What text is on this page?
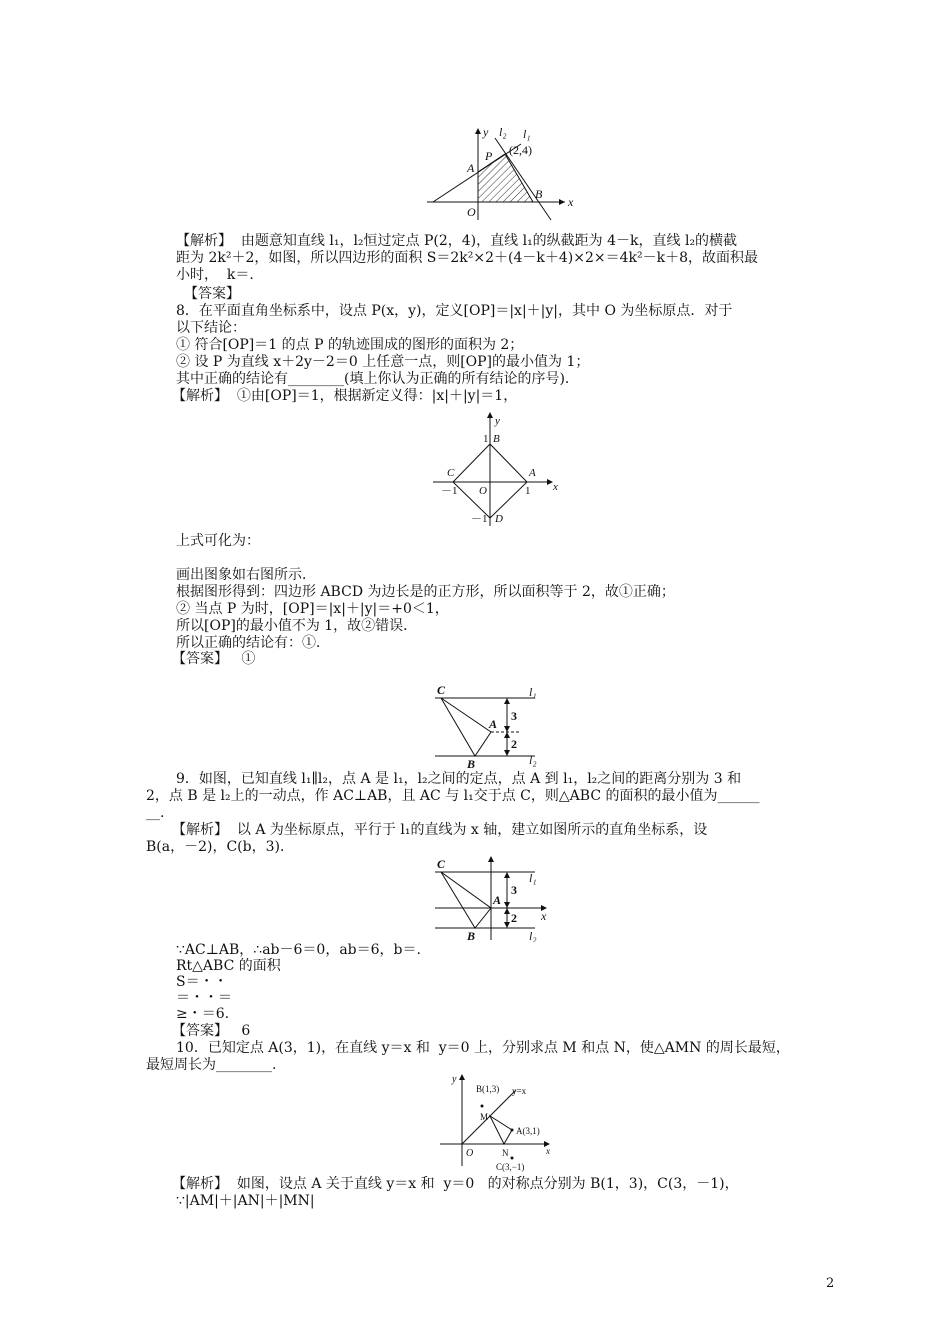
y
x
l₁
l₂
(2,4)
A
P
B
O
【解析】  由题意知直线 l₁，l₂恒过定点 P(2，4)，直线 l₁的纵截距为 4－k，直线 l₂的横截
距为 2k²＋2，如图，所以四边形的面积 S＝2k²×2＋(4－k＋4)×2×＝4k²－k＋8，故面积最
小时，  k＝.
【答案】
8．在平面直角坐标系中，设点 P(x，y)，定义[OP]＝|x|＋|y|，其中 O 为坐标原点．对于
以下结论：
① 符合[OP]＝1 的点 P 的轨迹围成的图形的面积为 2；
② 设 P 为直线 x＋2y－2＝0 上任意一点，则[OP]的最小值为 1；
其中正确的结论有________(填上你认为正确的所有结论的序号)．
【解析】  ①由[OP]＝1，根据新定义得：|x|＋|y|＝1，
y
x
B
1
C	A
－1 O	1
－1 D
上式可化为：
画出图象如右图所示．
根据图形得到：四边形 ABCD 为边长是的正方形，所以面积等于 2，故①正确；
② 当点 P 为时，[OP]＝|x|＋|y|＝+0＜1，
所以[OP]的最小值不为 1，故②错误．
所以正确的结论有：①．
【答案】   ①
C	l₁
A
3
2
B	l₂
9．如图，已知直线 l₁∥l₂，点 A 是 l₁，l₂之间的定点，点 A 到 l₁，l₂之间的距离分别为 3 和
2，点 B 是 l₂上的一动点，作 AC⊥AB，且 AC 与 l₁交于点 C，则△ABC 的面积的最小值为______
__.
【解析】  以 A 为坐标原点，平行于 l₁的直线为 x 轴，建立如图所示的直角坐标系，设
B(a，－2)，C(b，3)．
C
l₁
A
3
2 x
B	l₂
∵AC⊥AB，∴ab－6＝0，ab＝6，b＝.
Rt△ABC 的面积
S＝・・
＝・・＝
≥・＝6.
【答案】   6
10．已知定点 A(3，1)，在直线 y＝x 和  y＝0 上，分别求点 M 和点 N，使△AMN 的周长最短，
最短周长为________.
y
B(1,3) y=x
M
A(3,1)
O	N	x
C(3,−1)
【解析】  如图，设点 A 关于直线 y＝x 和  y＝0   的对称点分别为 B(1，3)，C(3，－1)，
∵|AM|＋|AN|＋|MN|
2
